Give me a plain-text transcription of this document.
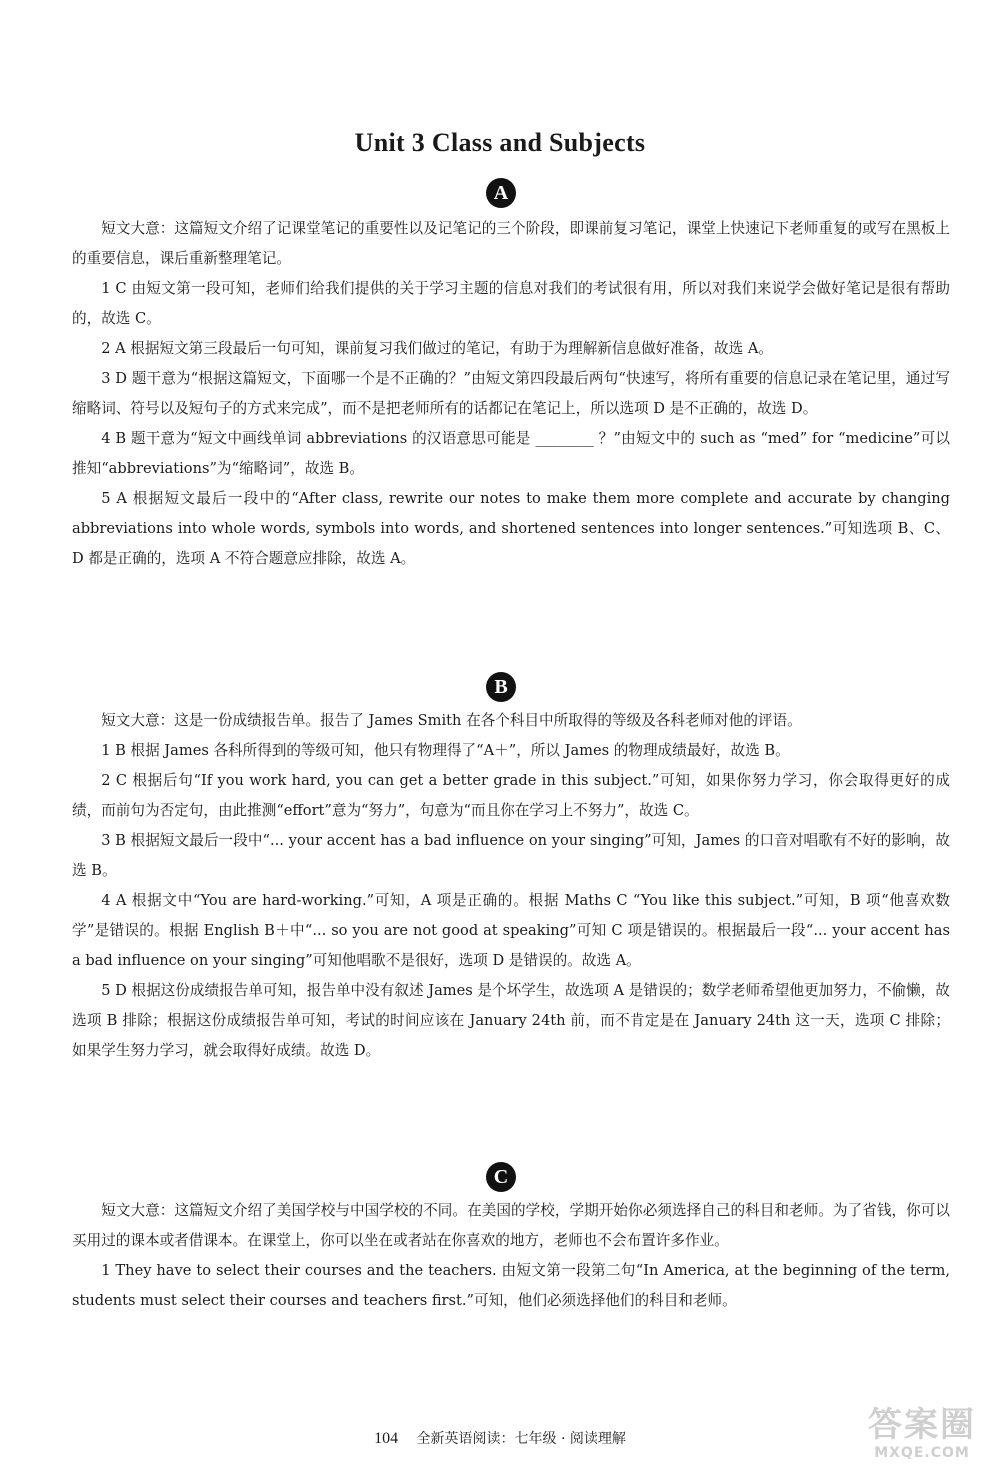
Unit 3 Class and Subjects
A

短文大意：这篇短文介绍了记课堂笔记的重要性以及记笔记的三个阶段，即课前复习笔记，课堂上快速记下老师重复的或写在黑板上的重要信息，课后重新整理笔记。

1 C 由短文第一段可知，老师们给我们提供的关于学习主题的信息对我们的考试很有用，所以对我们来说学会做好笔记是很有帮助的，故选 C。

2 A 根据短文第三段最后一句可知，课前复习我们做过的笔记，有助于为理解新信息做好准备，故选 A。

3 D 题干意为“根据这篇短文，下面哪一个是不正确的？”由短文第四段最后两句“快速写，将所有重要的信息记录在笔记里，通过写缩略词、符号以及短句子的方式来完成”，而不是把老师所有的话都记在笔记上，所以选项 D 是不正确的，故选 D。

4 B 题干意为“短文中画线单词 abbreviations 的汉语意思可能是 ________ ？”由短文中的 such as “med” for “medicine”可以推知“abbreviations”为“缩略词”，故选 B。

5 A 根据短文最后一段中的“After class, rewrite our notes to make them more complete and accurate by changing abbreviations into whole words, symbols into words, and shortened sentences into longer sentences.”可知选项 B、C、D 都是正确的，选项 A 不符合题意应排除，故选 A。

B

短文大意：这是一份成绩报告单。报告了 James Smith 在各个科目中所取得的等级及各科老师对他的评语。

1 B 根据 James 各科所得到的等级可知，他只有物理得了“A＋”，所以 James 的物理成绩最好，故选 B。

2 C 根据后句“If you work hard, you can get a better grade in this subject.”可知，如果你努力学习，你会取得更好的成绩，而前句为否定句，由此推测“effort”意为“努力”，句意为“而且你在学习上不努力”，故选 C。

3 B 根据短文最后一段中“... your accent has a bad influence on your singing”可知，James 的口音对唱歌有不好的影响，故选 B。

4 A 根据文中“You are hard-working.”可知，A 项是正确的。根据 Maths C “You like this subject.”可知，B 项“他喜欢数学”是错误的。根据 English B＋中“... so you are not good at speaking”可知 C 项是错误的。根据最后一段“... your accent has a bad influence on your singing”可知他唱歌不是很好，选项 D 是错误的。故选 A。

5 D 根据这份成绩报告单可知，报告单中没有叙述 James 是个坏学生，故选项 A 是错误的；数学老师希望他更加努力，不偷懒，故选项 B 排除；根据这份成绩报告单可知，考试的时间应该在 January 24th 前，而不肯定是在 January 24th 这一天，选项 C 排除；如果学生努力学习，就会取得好成绩。故选 D。

C

短文大意：这篇短文介绍了美国学校与中国学校的不同。在美国的学校，学期开始你必须选择自己的科目和老师。为了省钱，你可以买用过的课本或者借课本。在课堂上，你可以坐在或者站在你喜欢的地方，老师也不会布置许多作业。

1 They have to select their courses and the teachers. 由短文第一段第二句“In America, at the beginning of the term, students must select their courses and teachers first.”可知，他们必须选择他们的科目和老师。

104 全新英语阅读：七年级 · 阅读理解	答案圈
MXQE.COM
